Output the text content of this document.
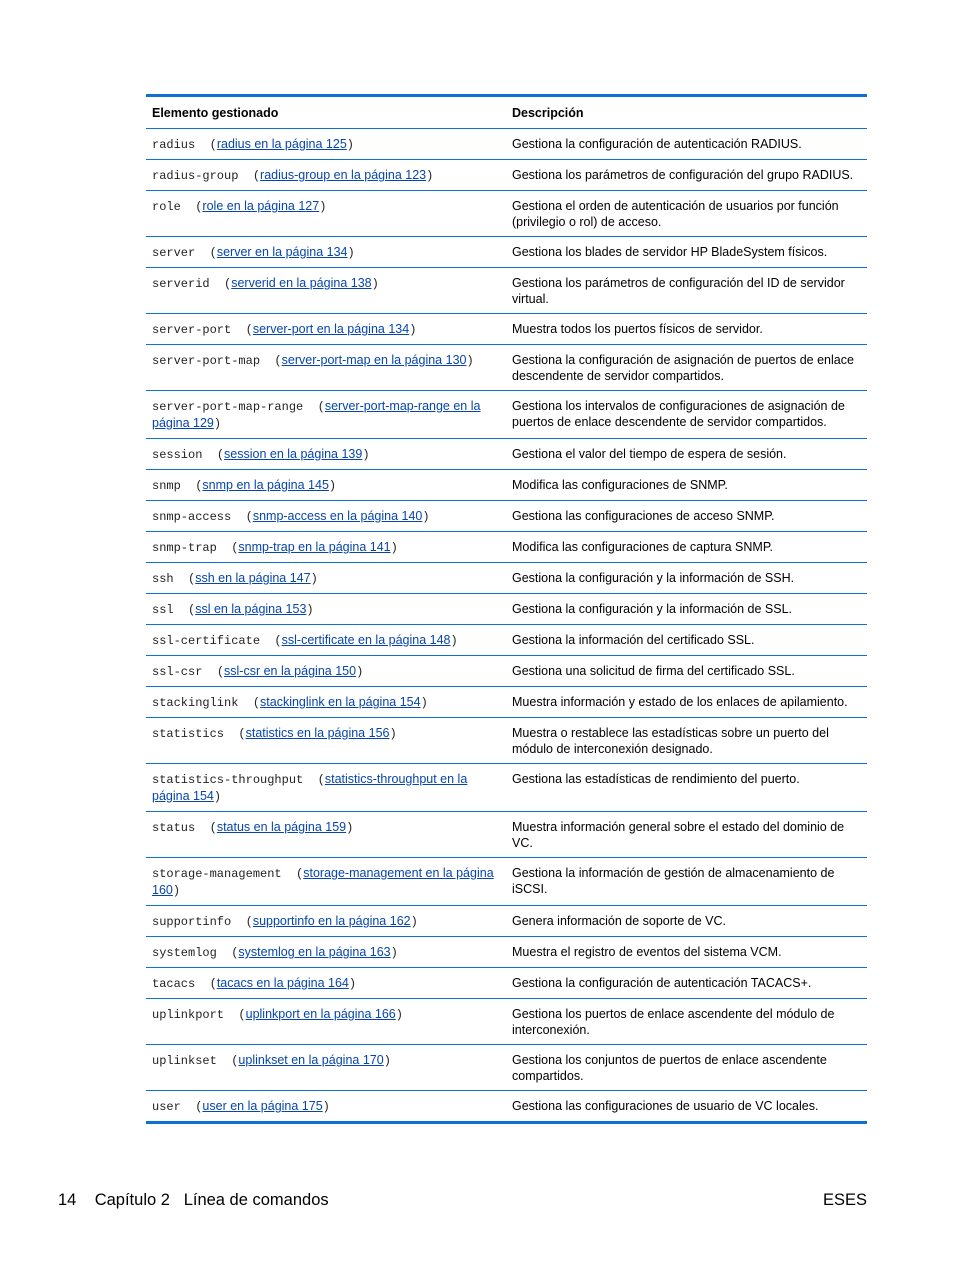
Elemento gestionado	Descripción
radius  (radius en la página 125)	Gestiona la configuración de autenticación RADIUS.
radius-group  (radius-group en la página 123)	Gestiona los parámetros de configuración del grupo RADIUS.
role  (role en la página 127)	Gestiona el orden de autenticación de usuarios por función (privilegio o rol) de acceso.
server  (server en la página 134)	Gestiona los blades de servidor HP BladeSystem físicos.
serverid  (serverid en la página 138)	Gestiona los parámetros de configuración del ID de servidor virtual.
server-port  (server-port en la página 134)	Muestra todos los puertos físicos de servidor.
server-port-map  (server-port-map en la página 130)	Gestiona la configuración de asignación de puertos de enlace descendente de servidor compartidos.
server-port-map-range  (server-port-map-range en la página 129)	Gestiona los intervalos de configuraciones de asignación de puertos de enlace descendente de servidor compartidos.
session  (session en la página 139)	Gestiona el valor del tiempo de espera de sesión.
snmp  (snmp en la página 145)	Modifica las configuraciones de SNMP.
snmp-access  (snmp-access en la página 140)	Gestiona las configuraciones de acceso SNMP.
snmp-trap  (snmp-trap en la página 141)	Modifica las configuraciones de captura SNMP.
ssh  (ssh en la página 147)	Gestiona la configuración y la información de SSH.
ssl  (ssl en la página 153)	Gestiona la configuración y la información de SSL.
ssl-certificate  (ssl-certificate en la página 148)	Gestiona la información del certificado SSL.
ssl-csr  (ssl-csr en la página 150)	Gestiona una solicitud de firma del certificado SSL.
stackinglink  (stackinglink en la página 154)	Muestra información y estado de los enlaces de apilamiento.
statistics  (statistics en la página 156)	Muestra o restablece las estadísticas sobre un puerto del módulo de interconexión designado.
statistics-throughput  (statistics-throughput en la página 154)	Gestiona las estadísticas de rendimiento del puerto.
status  (status en la página 159)	Muestra información general sobre el estado del dominio de VC.
storage-management  (storage-management en la página 160)	Gestiona la información de gestión de almacenamiento de iSCSI.
supportinfo  (supportinfo en la página 162)	Genera información de soporte de VC.
systemlog  (systemlog en la página 163)	Muestra el registro de eventos del sistema VCM.
tacacs  (tacacs en la página 164)	Gestiona la configuración de autenticación TACACS+.
uplinkport  (uplinkport en la página 166)	Gestiona los puertos de enlace ascendente del módulo de interconexión.
uplinkset  (uplinkset en la página 170)	Gestiona los conjuntos de puertos de enlace ascendente compartidos.
user  (user en la página 175)	Gestiona las configuraciones de usuario de VC locales.
14 Capítulo 2 Línea de comandos	ESES
